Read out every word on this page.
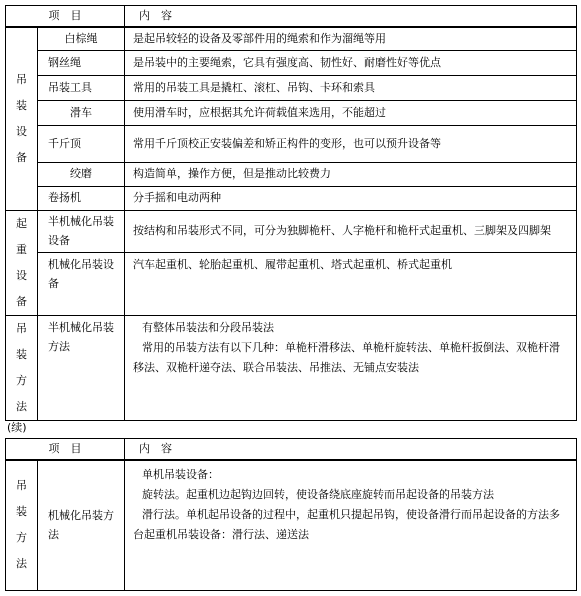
项　目		内　容

吊装设备	白棕绳	是起吊较轻的设备及零部件用的绳索和作为溜绳等用
	钢丝绳	是吊装中的主要绳索，它具有强度高、韧性好、耐磨性好等优点
	吊装工具	常用的吊装工具是撬杠、滚杠、吊钩、卡环和索具
	滑车	使用滑车时，应根据其允许荷载值来选用，不能超过
	千斤顶	常用千斤顶校正安装偏差和矫正构件的变形，也可以预升设备等
	绞磨	构造简单，操作方便，但是推动比较费力
	卷扬机	分手摇和电动两种

起重设备	半机械化吊装设备	按结构和吊装形式不同，可分为独脚桅杆、人字桅杆和桅杆式起重机、三脚架及四脚架
	机械化吊装设备	汽车起重机、轮胎起重机、履带起重机、塔式起重机、桥式起重机

吊装方法	半机械化吊装方法	有整体吊装法和分段吊装法

常用的吊装方法有以下几种：单桅杆滑移法、单桅杆旋转法、单桅杆扳倒法、双桅杆滑移法、双桅杆递夺法、联合吊装法、吊推法、无铺点安装法

(续)
项　目		内　容

吊装方法	机械化吊装方法	单机吊装设备：

旋转法。起重机边起钩边回转，使设备绕底座旋转而吊起设备的吊装方法

滑行法。单机起吊设备的过程中，起重机只提起吊钩，使设备滑行而吊起设备的方法多台起重机吊装设备：滑行法、递送法
